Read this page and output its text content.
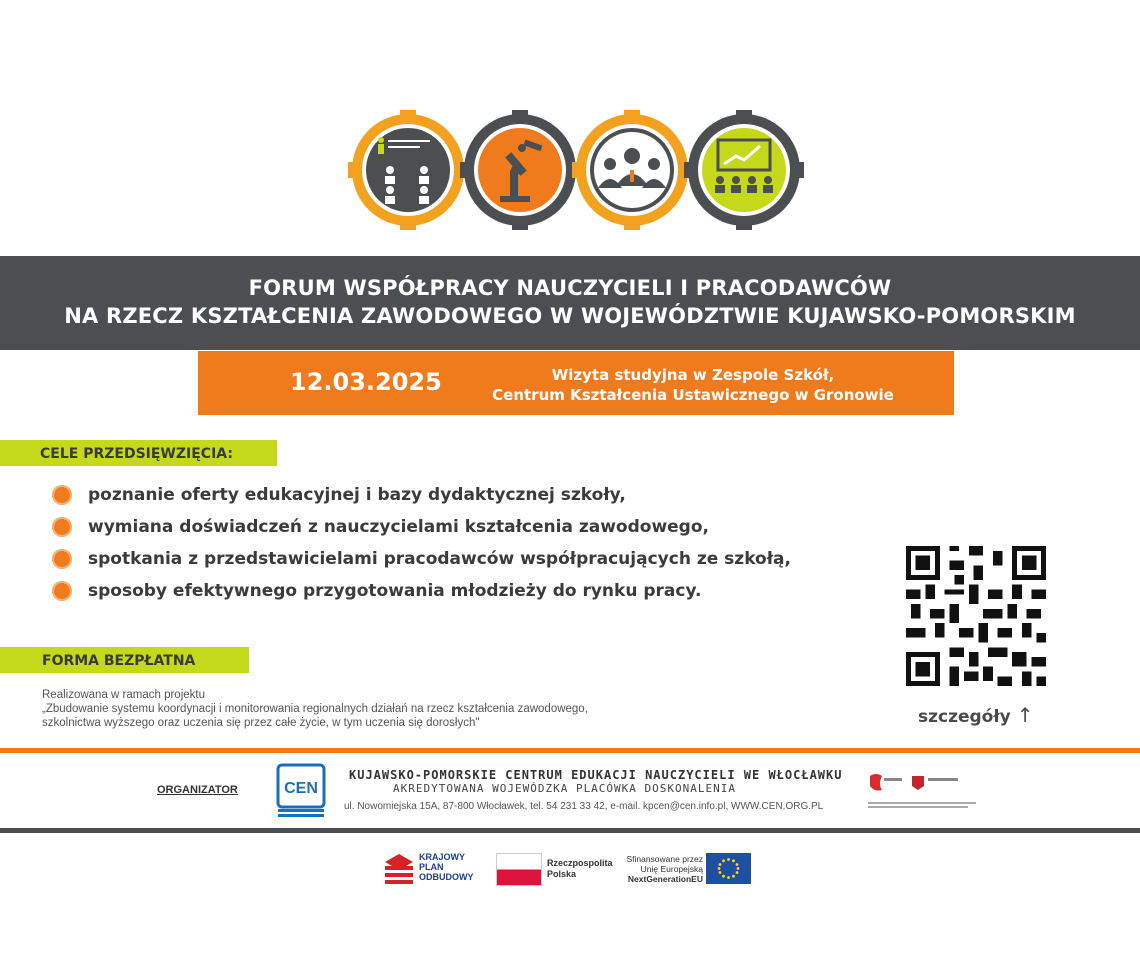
FORUM WSPÓŁPRACY NAUCZYCIELI I PRACODAWCÓW
NA RZECZ KSZTAŁCENIA ZAWODOWEGO W WOJEWÓDZTWIE KUJAWSKO-POMORSKIM
12.03.2025	Wizyta studyjna w Zespole Szkół,
Centrum Kształcenia Ustawicznego w Gronowie
CELE PRZEDSIĘWZIĘCIA:
poznanie oferty edukacyjnej i bazy dydaktycznej szkoły,
wymiana doświadczeń z nauczycielami kształcenia zawodowego,
spotkania z przedstawicielami pracodawców współpracujących ze szkołą,
sposoby efektywnego przygotowania młodzieży do rynku pracy.
FORMA BEZPŁATNA
Realizowana w ramach projektu
„Zbudowanie systemu koordynacji i monitorowania regionalnych działań na rzecz kształcenia zawodowego,
szkolnictwa wyższego oraz uczenia się przez całe życie, w tym uczenia się dorosłych"	szczegóły ↑
ORGANIZATOR	CEN
KUJAWSKO-POMORSKIE CENTRUM EDUKACJI NAUCZYCIELI WE WŁOCŁAWKU
AKREDYTOWANA WOJEWÓDZKA PLACÓWKA DOSKONALENIA
ul. Nowomiejska 15A, 87-800 Włocławek, tel. 54 231 33 42, e-mail. kpcen@cen.info.pl, WWW.CEN.ORG.PL
KRAJOWY
PLAN
ODBUDOWY
Rzeczpospolita
Polska
Sfinansowane przez
Unię Europejską
NextGenerationEU
